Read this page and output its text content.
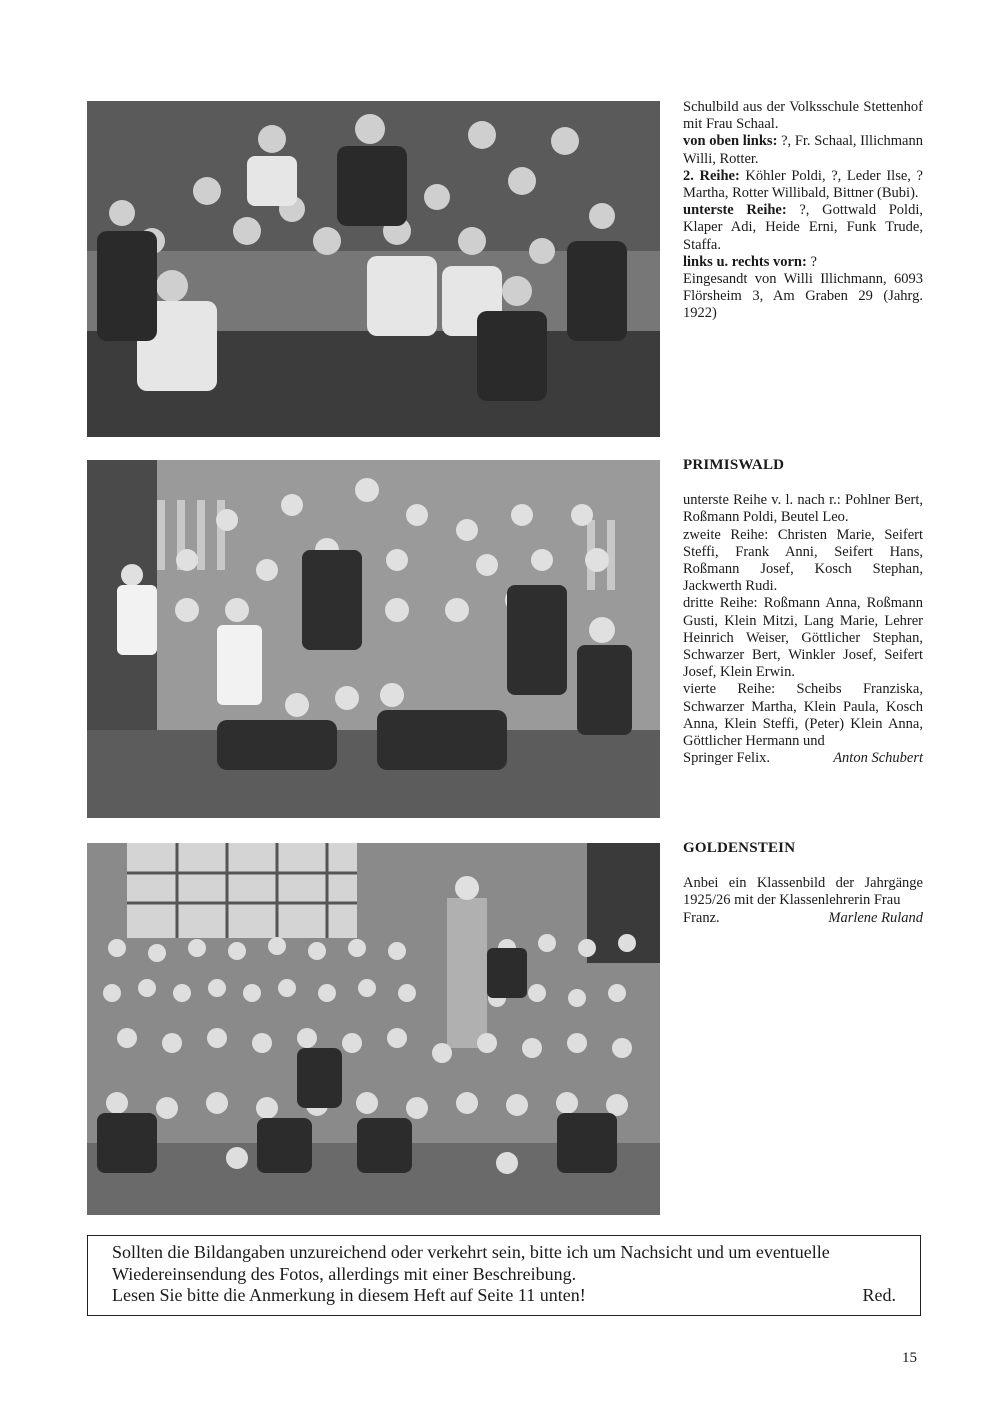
Schulbild aus der Volksschule Stettenhof mit Frau Schaal.

von oben links: ?, Fr. Schaal, Illichmann Willi, Rotter.

2. Reihe: Köhler Poldi, ?, Leder Ilse, ? Martha, Rotter Willibald, Bittner (Bubi).

unterste Reihe: ?, Gottwald Poldi, Klaper Adi, Heide Erni, Funk Trude, Staffa.

links u. rechts vorn: ?

Eingesandt von Willi Illichmann, 6093 Flörsheim 3, Am Graben 29 (Jahrg. 1922)

PRIMISWALD

unterste Reihe v. l. nach r.: Pohlner Bert, Roßmann Poldi, Beutel Leo.

zweite Reihe: Christen Marie, Seifert Steffi, Frank Anni, Seifert Hans, Roßmann Josef, Kosch Stephan, Jackwerth Rudi.

dritte Reihe: Roßmann Anna, Roßmann Gusti, Klein Mitzi, Lang Marie, Lehrer Heinrich Weiser, Göttlicher Stephan, Schwarzer Bert, Winkler Josef, Seifert Josef, Klein Erwin.

vierte Reihe: Scheibs Franziska, Schwarzer Martha, Klein Paula, Kosch Anna, Klein Steffi, (Peter) Klein Anna, Göttlicher Hermann und

Springer Felix.	Anton Schubert

GOLDENSTEIN

Anbei ein Klassenbild der Jahrgänge 1925/26 mit der Klassenlehrerin Frau

Franz.	Marlene Ruland

Sollten die Bildangaben unzureichend oder verkehrt sein, bitte ich um Nachsicht und um eventuelle Wiedereinsendung des Fotos, allerdings mit einer Beschreibung.

Lesen Sie bitte die Anmerkung in diesem Heft auf Seite 11 unten!	Red.

15
